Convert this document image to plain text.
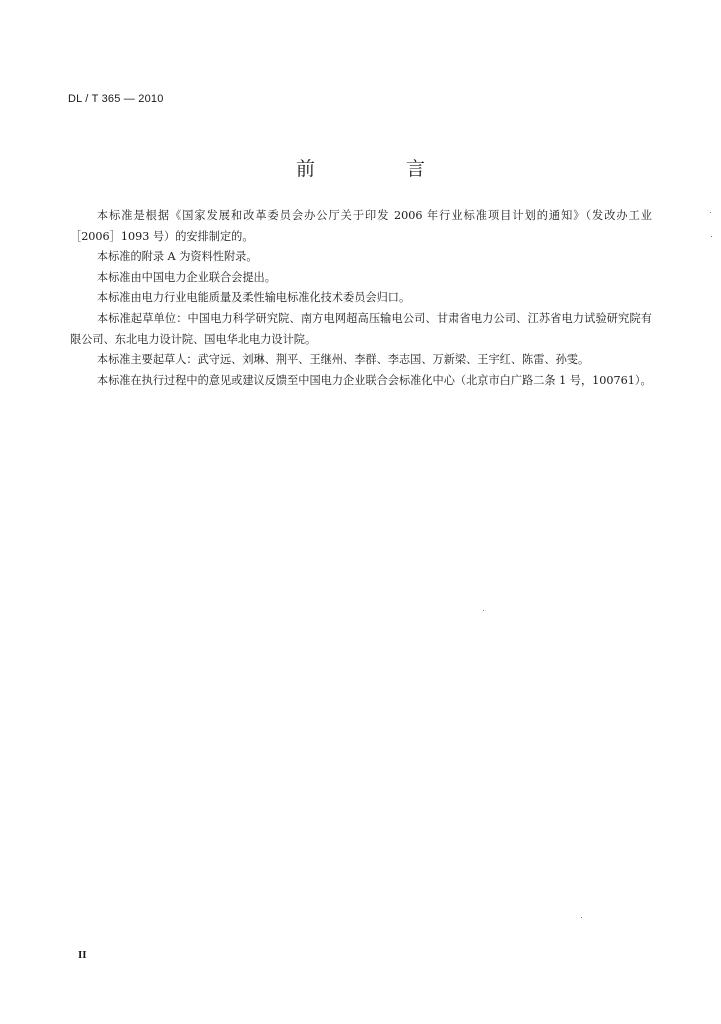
DL / T 365 — 2010
前　言

本标准是根据《国家发展和改革委员会办公厅关于印发 2006 年行业标准项目计划的通知》（发改办工业［2006］1093 号）的安排制定的。

本标准的附录 A 为资料性附录。

本标准由中国电力企业联合会提出。

本标准由电力行业电能质量及柔性输电标准化技术委员会归口。

本标准起草单位：中国电力科学研究院、南方电网超高压输电公司、甘肃省电力公司、江苏省电力试验研究院有限公司、东北电力设计院、国电华北电力设计院。

本标准主要起草人：武守远、刘琳、荆平、王继州、李群、李志国、万新梁、王宇红、陈雷、孙雯。

本标准在执行过程中的意见或建议反馈至中国电力企业联合会标准化中心（北京市白广路二条 1 号，100761）。

II
